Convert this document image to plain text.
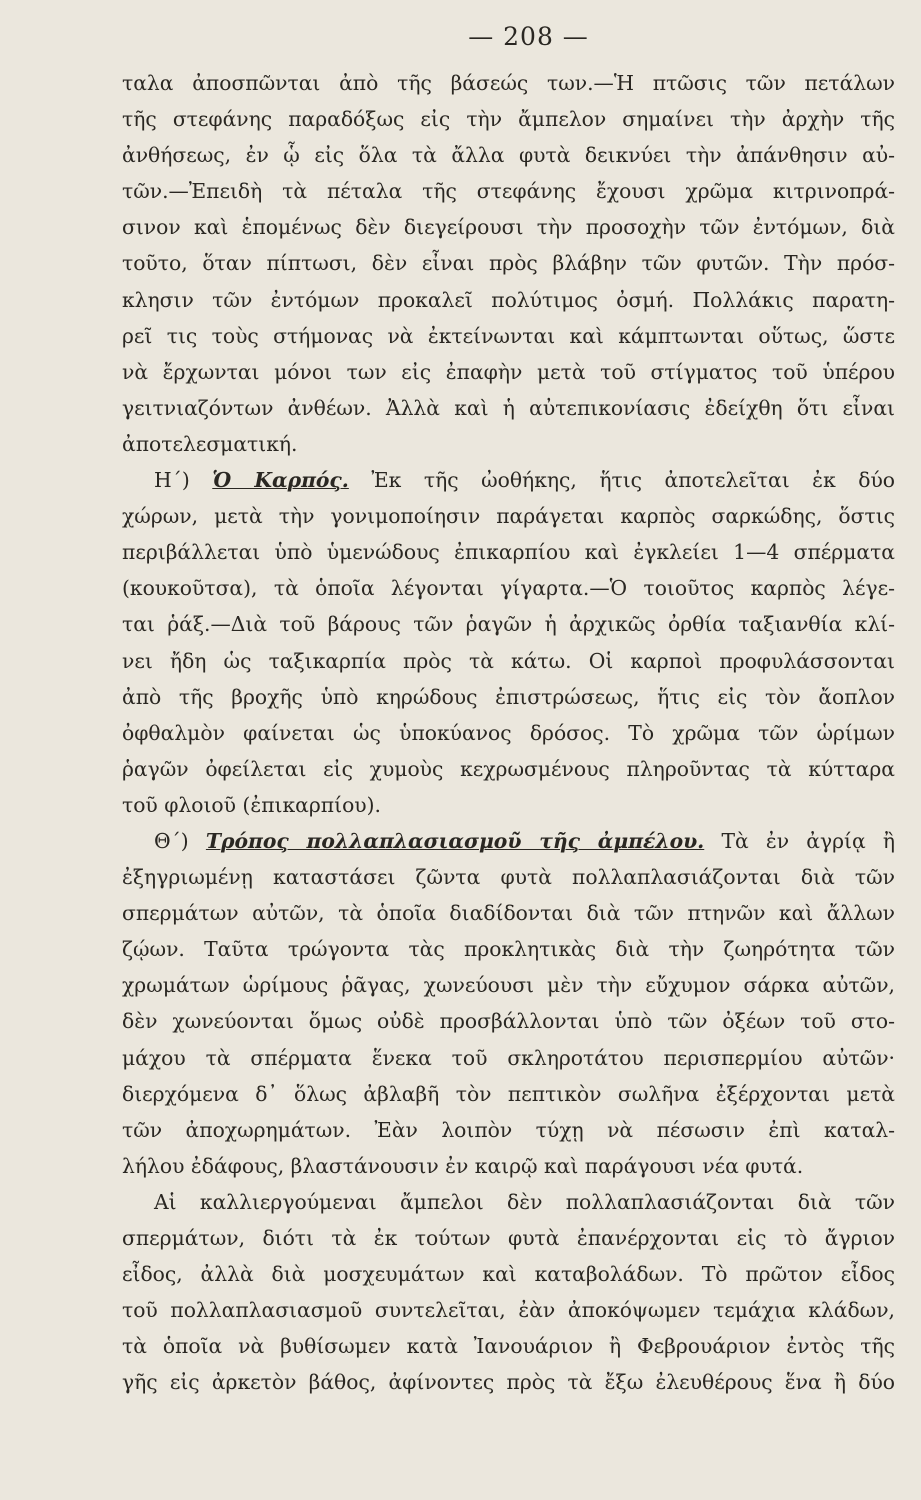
— 208 —
ταλα ἀποσπῶνται ἀπὸ τῆς βάσεώς των.—Ἡ πτῶσις τῶν πετάλων
τῆς στεφάνης παραδόξως εἰς τὴν ἄμπελον σημαίνει τὴν ἀρχὴν τῆς
ἀνθήσεως, ἐν ᾧ εἰς ὅλα τὰ ἄλλα φυτὰ δεικνύει τὴν ἀπάνθησιν αὐ-
τῶν.—Ἐπειδὴ τὰ πέταλα τῆς στεφάνης ἔχουσι χρῶμα κιτρινοπρά-
σινον καὶ ἑπομένως δὲν διεγείρουσι τὴν προσοχὴν τῶν ἐντόμων, διὰ
τοῦτο, ὅταν πίπτωσι, δὲν εἶναι πρὸς βλάβην τῶν φυτῶν. Τὴν πρόσ-
κλησιν τῶν ἐντόμων προκαλεῖ πολύτιμος ὀσμή. Πολλάκις παρατη-
ρεῖ τις τοὺς στήμονας νὰ ἐκτείνωνται καὶ κάμπτωνται οὕτως, ὥστε
νὰ ἔρχωνται μόνοι των εἰς ἐπαφὴν μετὰ τοῦ στίγματος τοῦ ὑπέρου
γειτνιαζόντων ἀνθέων. Ἀλλὰ καὶ ἡ αὐτεπικονίασις ἐδείχθη ὅτι εἶναι
ἀποτελεσματική.
Η´) Ὁ Καρπός. Ἐκ τῆς ὠοθήκης, ἥτις ἀποτελεῖται ἐκ δύο
χώρων, μετὰ τὴν γονιμοποίησιν παράγεται καρπὸς σαρκώδης, ὅστις
περιβάλλεται ὑπὸ ὑμενώδους ἐπικαρπίου καὶ ἐγκλείει 1—4 σπέρματα
(κουκοῦτσα), τὰ ὁποῖα λέγονται γίγαρτα.—Ὁ τοιοῦτος καρπὸς λέγε-
ται ῥάξ.—Διὰ τοῦ βάρους τῶν ῥαγῶν ἡ ἀρχικῶς ὀρθία ταξιανθία κλί-
νει ἤδη ὡς ταξικαρπία πρὸς τὰ κάτω. Οἱ καρποὶ προφυλάσσονται
ἀπὸ τῆς βροχῆς ὑπὸ κηρώδους ἐπιστρώσεως, ἥτις εἰς τὸν ἄοπλον
ὀφθαλμὸν φαίνεται ὡς ὑποκύανος δρόσος. Τὸ χρῶμα τῶν ὡρίμων
ῥαγῶν ὀφείλεται εἰς χυμοὺς κεχρωσμένους πληροῦντας τὰ κύτταρα
τοῦ φλοιοῦ (ἐπικαρπίου).
Θ´) Τρόπος πολλαπλασιασμοῦ τῆς ἀμπέλου. Τὰ ἐν ἀγρίᾳ ἢ
ἐξηγριωμένῃ καταστάσει ζῶντα φυτὰ πολλαπλασιάζονται διὰ τῶν
σπερμάτων αὐτῶν, τὰ ὁποῖα διαδίδονται διὰ τῶν πτηνῶν καὶ ἄλλων
ζῴων. Ταῦτα τρώγοντα τὰς προκλητικὰς διὰ τὴν ζωηρότητα τῶν
χρωμάτων ὡρίμους ῥᾶγας, χωνεύουσι μὲν τὴν εὔχυμον σάρκα αὐτῶν,
δὲν χωνεύονται ὅμως οὐδὲ προσβάλλονται ὑπὸ τῶν ὀξέων τοῦ στο-
μάχου τὰ σπέρματα ἕνεκα τοῦ σκληροτάτου περισπερμίου αὐτῶν·
διερχόμενα δ᾽ ὅλως ἀβλαβῆ τὸν πεπτικὸν σωλῆνα ἐξέρχονται μετὰ
τῶν ἀποχωρημάτων. Ἐὰν λοιπὸν τύχῃ νὰ πέσωσιν ἐπὶ καταλ-
λήλου ἐδάφους, βλαστάνουσιν ἐν καιρῷ καὶ παράγουσι νέα φυτά.
Αἱ καλλιεργούμεναι ἄμπελοι δὲν πολλαπλασιάζονται διὰ τῶν
σπερμάτων, διότι τὰ ἐκ τούτων φυτὰ ἐπανέρχονται εἰς τὸ ἄγριον
εἶδος, ἀλλὰ διὰ μοσχευμάτων καὶ καταβολάδων. Τὸ πρῶτον εἶδος
τοῦ πολλαπλασιασμοῦ συντελεῖται, ἐὰν ἀποκόψωμεν τεμάχια κλάδων,
τὰ ὁποῖα νὰ βυθίσωμεν κατὰ Ἰανουάριον ἢ Φεβρουάριον ἐντὸς τῆς
γῆς εἰς ἀρκετὸν βάθος, ἀφίνοντες πρὸς τὰ ἔξω ἐλευθέρους ἕνα ἢ δύο
